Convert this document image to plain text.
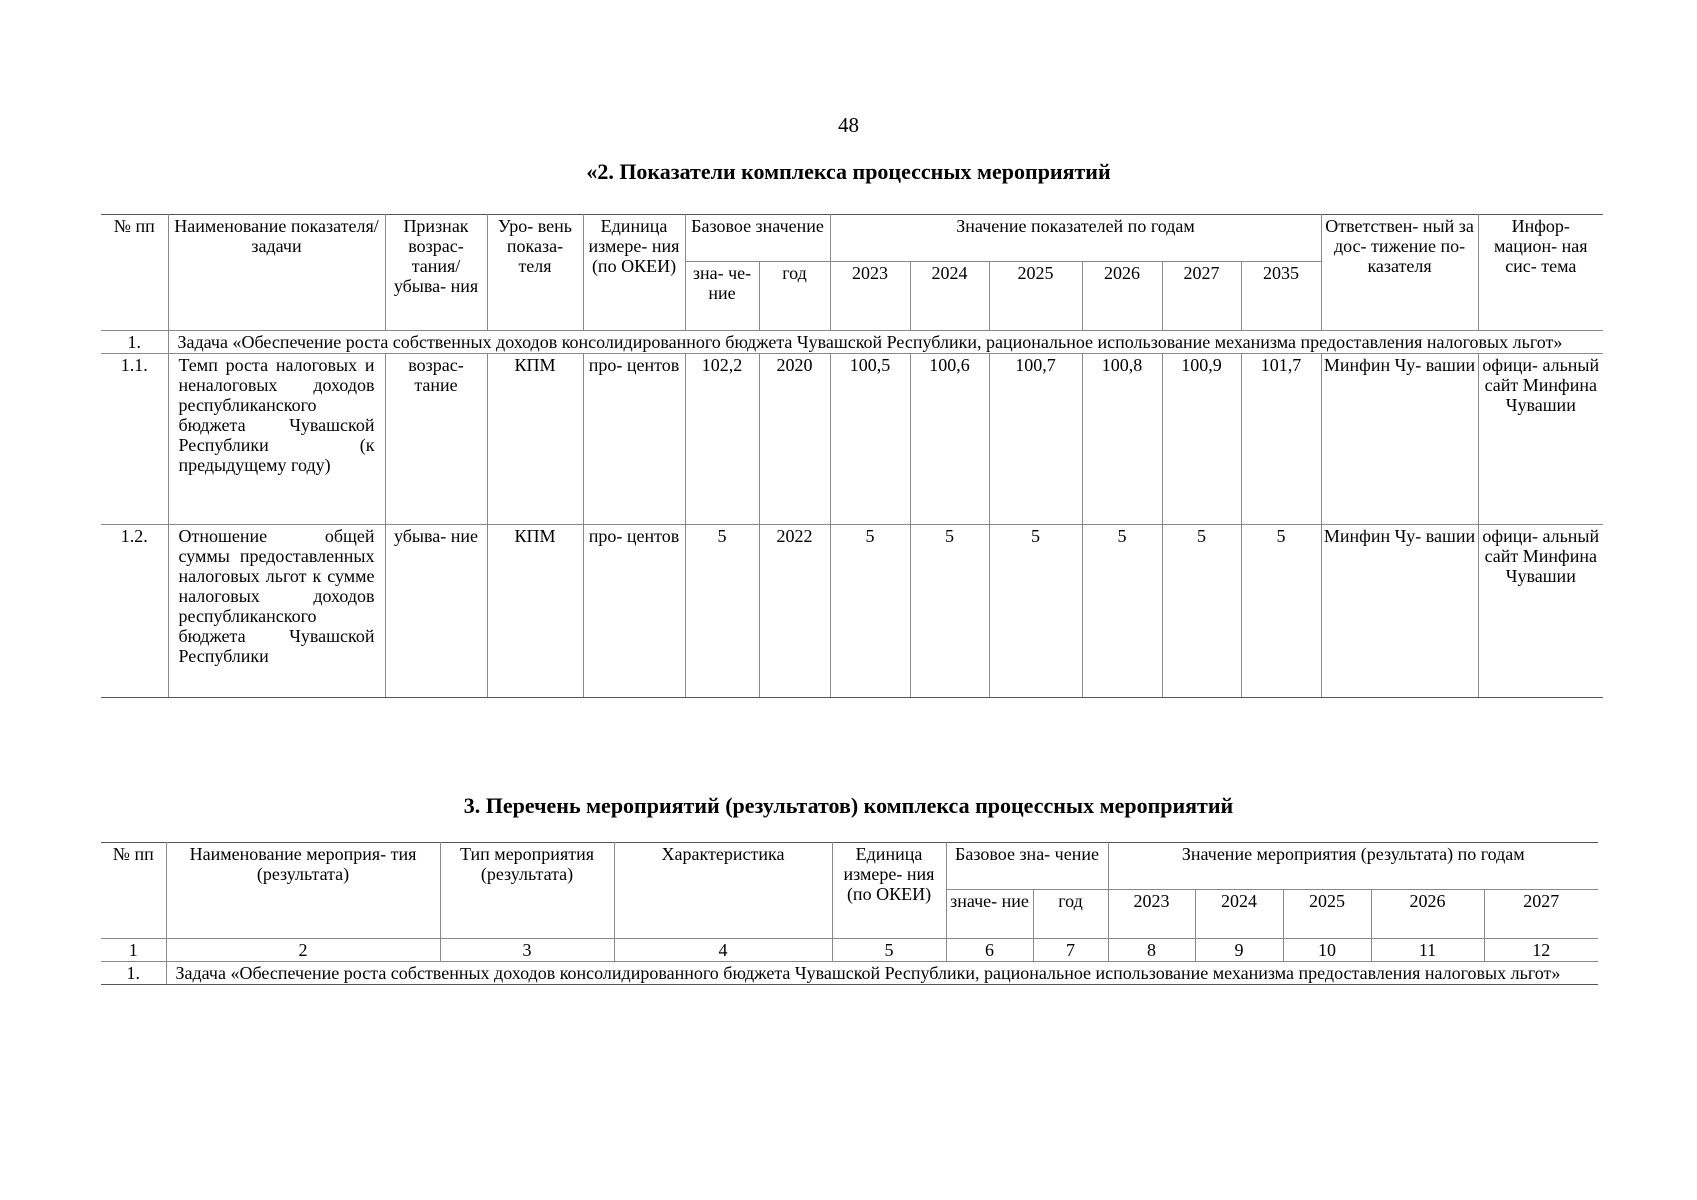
48
«2. Показатели комплекса процессных мероприятий
№ пп	Наименование показателя/задачи	Признак возрас- тания/ убыва- ния	Уро- вень показа- теля	Единица измере- ния (по ОКЕИ)	Базовое значение		Значение показателей по годам						Ответствен- ный за дос- тижение по- казателя	Инфор- мацион- ная сис- тема
					зна- че- ние	год	2023	2024	2025	2026	2027	2035		
1.	Задача «Обеспечение роста собственных доходов консолидированного бюджета Чувашской Республики, рациональное использование механизма предоставления налоговых льгот»													
1.1.	Темп роста налоговых и неналоговых доходов республиканского бюджета Чувашской Республики (к предыдущему году)	возрас- тание	КПМ	про- центов	102,2	2020	100,5	100,6	100,7	100,8	100,9	101,7	Минфин Чу- вашии	офици- альный сайт Минфина Чувашии
1.2.	Отношение общей суммы предоставленных налоговых льгот к сумме налоговых доходов республиканского бюджета Чувашской Республики	убыва- ние	КПМ	про- центов	5	2022	5	5	5	5	5	5	Минфин Чу- вашии	офици- альный сайт Минфина Чувашии
3. Перечень мероприятий (результатов) комплекса процессных мероприятий
№ пп	Наименование мероприя- тия (результата)	Тип мероприятия (результата)	Характеристика	Единица измере- ния (по ОКЕИ)	Базовое зна- чение		Значение мероприятия (результата) по годам				
					значе- ние	год	2023	2024	2025	2026	2027
1	2	3	4	5	6	7	8	9	10	11	12
1.	Задача «Обеспечение роста собственных доходов консолидированного бюджета Чувашской Республики, рациональное использование механизма предоставления налоговых льгот»										
